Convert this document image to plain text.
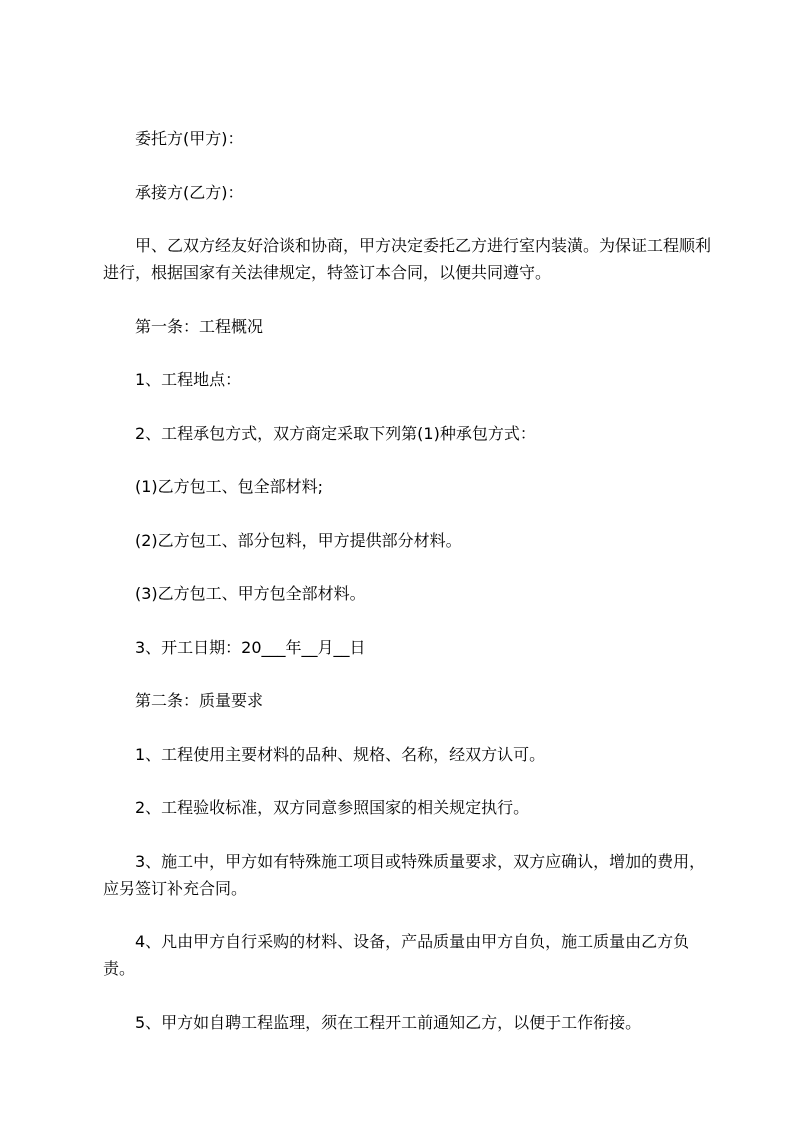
委托方(甲方)：

承接方(乙方)：

甲、乙双方经友好洽谈和协商，甲方决定委托乙方进行室内装潢。为保证工程顺利进行，根据国家有关法律规定，特签订本合同，以便共同遵守。

第一条：工程概况

1、工程地点：

2、工程承包方式，双方商定采取下列第(1)种承包方式：

(1)乙方包工、包全部材料;

(2)乙方包工、部分包料，甲方提供部分材料。

(3)乙方包工、甲方包全部材料。

3、开工日期：20___年__月__日

第二条：质量要求

1、工程使用主要材料的品种、规格、名称，经双方认可。

2、工程验收标准，双方同意参照国家的相关规定执行。

3、施工中，甲方如有特殊施工项目或特殊质量要求，双方应确认，增加的费用，应另签订补充合同。

4、凡由甲方自行采购的材料、设备，产品质量由甲方自负，施工质量由乙方负责。

5、甲方如自聘工程监理，须在工程开工前通知乙方，以便于工作衔接。
